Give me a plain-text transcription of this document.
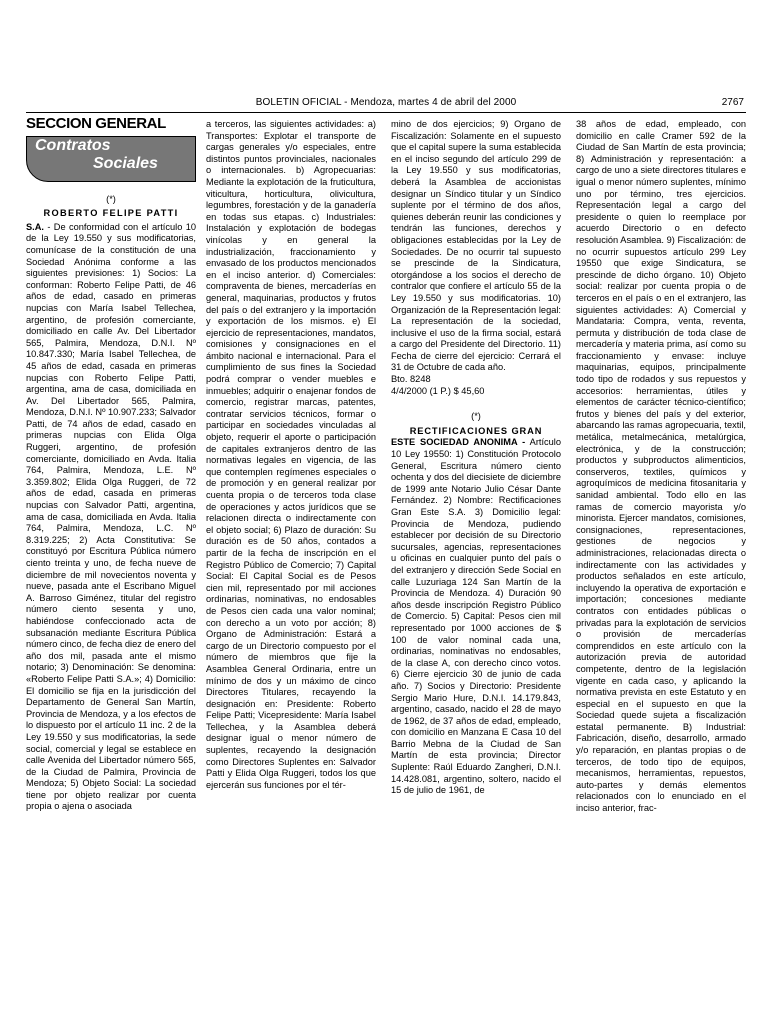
BOLETIN OFICIAL - Mendoza, martes 4 de abril del 2000	2767
SECCION GENERAL
Contratos
Sociales
(*)
ROBERTO FELIPE PATTI

S.A. - De conformidad con el artículo 10 de la Ley 19.550 y sus modificatorias, comunícase de la constitución de una Sociedad Anónima conforme a las siguientes previsiones: 1) Socios: La conforman: Roberto Felipe Patti, de 46 años de edad, casado en primeras nupcias con María Isabel Tellechea, argentino, de profesión comerciante, domiciliado en calle Av. Del Libertador 565, Palmira, Mendoza, D.N.I. Nº 10.847.330; María Isabel Tellechea, de 45 años de edad, casada en primeras nupcias con Roberto Felipe Patti, argentina, ama de casa, domiciliada en Av. Del Libertador 565, Palmira, Mendoza, D.N.I. Nº 10.907.233; Salvador Patti, de 74 años de edad, casado en primeras nupcias con Elida Olga Ruggeri, argentino, de profesión comerciante, domiciliado en Avda. Italia 764, Palmira, Mendoza, L.E. Nº 3.359.802; Elida Olga Ruggeri, de 72 años de edad, casada en primeras nupcias con Salvador Patti, argentina, ama de casa, domiciliada en Avda. Italia 764, Palmira, Mendoza, L.C. Nº 8.319.225; 2) Acta Constitutiva: Se constituyó por Escritura Pública número ciento treinta y uno, de fecha nueve de diciembre de mil novecientos noventa y nueve, pasada ante el Escribano Miguel A. Barroso Giménez, titular del registro número ciento sesenta y uno, habiéndose confeccionado acta de subsanación mediante Escritura Pública número cinco, de fecha diez de enero del año dos mil, pasada ante el mismo notario; 3) Denominación: Se denomina: «Roberto Felipe Patti S.A.»; 4) Domicilio: El domicilio se fija en la jurisdicción del Departamento de General San Martín, Provincia de Mendoza, y a los efectos de lo dispuesto por el artículo 11 inc. 2 de la Ley 19.550 y sus modificatorias, la sede social, comercial y legal se establece en calle Avenida del Libertador número 565, de la Ciudad de Palmira, Provincia de Mendoza; 5) Objeto Social: La sociedad tiene por objeto realizar por cuenta propia o ajena o asociada

a terceros, las siguientes actividades: a) Transportes: Explotar el transporte de cargas generales y/o especiales, entre distintos puntos provinciales, nacionales o internacionales. b) Agropecuarias: Mediante la explotación de la fruticultura, viticultura, horticultura, olivicultura, legumbres, forestación y de la ganadería en todas sus etapas. c) Industriales: Instalación y explotación de bodegas vinícolas y en general la industrialización, fraccionamiento y envasado de los productos mencionados en el inciso anterior. d) Comerciales: compraventa de bienes, mercaderías en general, maquinarias, productos y frutos del país o del extranjero y la importación y exportación de los mismos. e) El ejercicio de representaciones, mandatos, comisiones y consignaciones en el ámbito nacional e internacional. Para el cumplimiento de sus fines la Sociedad podrá comprar o vender muebles e inmuebles; adquirir o enajenar fondos de comercio, registrar marcas, patentes, contratar servicios técnicos, formar o participar en sociedades vinculadas al objeto, requerir el aporte o participación de capitales extranjeros dentro de las normativas legales en vigencia, de las que contemplen regímenes especiales o de promoción y en general realizar por cuenta propia o de terceros toda clase de operaciones y actos jurídicos que se relacionen directa o indirectamente con el objeto social; 6) Plazo de duración: Su duración es de 50 años, contados a partir de la fecha de inscripción en el Registro Público de Comercio; 7) Capital Social: El Capital Social es de Pesos cien mil, representado por mil acciones ordinarias, nominativas, no endosables de Pesos cien cada una valor nominal; con derecho a un voto por acción; 8) Organo de Administración: Estará a cargo de un Directorio compuesto por el número de miembros que fije la Asamblea General Ordinaria, entre un mínimo de dos y un máximo de cinco Directores Titulares, recayendo la designación en: Presidente: Roberto Felipe Patti; Vicepresidente: María Isabel Tellechea, y la Asamblea deberá designar igual o menor número de suplentes, recayendo la designación como Directores Suplentes en: Salvador Patti y Elida Olga Ruggeri, todos los que ejercerán sus funciones por el tér-

mino de dos ejercicios; 9) Organo de Fiscalización: Solamente en el supuesto que el capital supere la suma establecida en el inciso segundo del artículo 299 de la Ley 19.550 y sus modificatorias, deberá la Asamblea de accionistas designar un Síndico titular y un Síndico suplente por el término de dos años, quienes deberán reunir las condiciones y tendrán las funciones, derechos y obligaciones establecidas por la Ley de Sociedades. De no ocurrir tal supuesto se prescinde de la Sindicatura, otorgándose a los socios el derecho de contralor que confiere el artículo 55 de la Ley 19.550 y sus modificatorias. 10) Organización de la Representación legal: La representación de la sociedad, inclusive el uso de la firma social, estará a cargo del Presidente del Directorio. 11) Fecha de cierre del ejercicio: Cerrará el 31 de Octubre de cada año.

Bto. 8248

4/4/2000 (1 P.) $ 45,60

(*)
RECTIFICACIONES GRAN

ESTE SOCIEDAD ANONIMA - Artículo 10 Ley 19550: 1) Constitución Protocolo General, Escritura número ciento ochenta y dos del diecisiete de diciembre de 1999 ante Notario Julio César Dante Fernández. 2) Nombre: Rectificaciones Gran Este S.A. 3) Domicilio legal: Provincia de Mendoza, pudiendo establecer por decisión de su Directorio sucursales, agencias, representaciones u oficinas en cualquier punto del país o del extranjero y dirección Sede Social en calle Luzuriaga 124 San Martín de la Provincia de Mendoza. 4) Duración 90 años desde inscripción Registro Público de Comercio. 5) Capital: Pesos cien mil representado por 1000 acciones de $ 100 de valor nominal cada una, ordinarias, nominativas no endosables, de la clase A, con derecho cinco votos. 6) Cierre ejercicio 30 de junio de cada año. 7) Socios y Directorio: Presidente Sergio Mario Hure, D.N.I. 14.179.843, argentino, casado, nacido el 28 de mayo de 1962, de 37 años de edad, empleado, con domicilio en Manzana E Casa 10 del Barrio Mebna de la Ciudad de San Martín de esta provincia; Director Suplente: Raúl Eduardo Zangheri, D.N.I. 14.428.081, argentino, soltero, nacido el 15 de julio de 1961, de

38 años de edad, empleado, con domicilio en calle Cramer 592 de la Ciudad de San Martín de esta provincia; 8) Administración y representación: a cargo de uno a siete directores titulares e igual o menor número suplentes, mínimo uno por término, tres ejercicios. Representación legal a cargo del presidente o quien lo reemplace por acuerdo Directorio o en defecto resolución Asamblea. 9) Fiscalización: de no ocurrir supuestos artículo 299 Ley 19550 que exige Sindicatura, se prescinde de dicho órgano. 10) Objeto social: realizar por cuenta propia o de terceros en el país o en el extranjero, las siguientes actividades: A) Comercial y Mandataria: Compra, venta, reventa, permuta y distribución de toda clase de mercadería y materia prima, así como su fraccionamiento y envase: incluye maquinarias, equipos, principalmente todo tipo de rodados y sus repuestos y accesorios: herramientas, útiles y elementos de carácter técnico-científico; frutos y bienes del país y del exterior, abarcando las ramas agropecuaria, textil, metálica, metalmecánica, metalúrgica, electrónica, y de la construcción; productos y subproductos alimenticios, conserveros, textiles, químicos y agroquímicos de medicina fitosanitaria y sanidad ambiental. Todo ello en las ramas de comercio mayorista y/o minorista. Ejercer mandatos, comisiones, consignaciones, representaciones, gestiones de negocios y administraciones, relacionadas directa o indirectamente con las actividades y productos señalados en este artículo, incluyendo la operativa de exportación e importación; concesiones mediante contratos con entidades públicas o privadas para la explotación de servicios o provisión de mercaderías comprendidos en este artículo con la autorización previa de autoridad competente, dentro de la legislación vigente en cada caso, y aplicando la normativa prevista en este Estatuto y en especial en el supuesto en que la Sociedad quede sujeta a fiscalización estatal permanente. B) Industrial: Fabricación, diseño, desarrollo, armado y/o reparación, en plantas propias o de terceros, de todo tipo de equipos, mecanismos, herramientas, repuestos, auto-partes y demás elementos relacionados con lo enunciado en el inciso anterior, frac-
